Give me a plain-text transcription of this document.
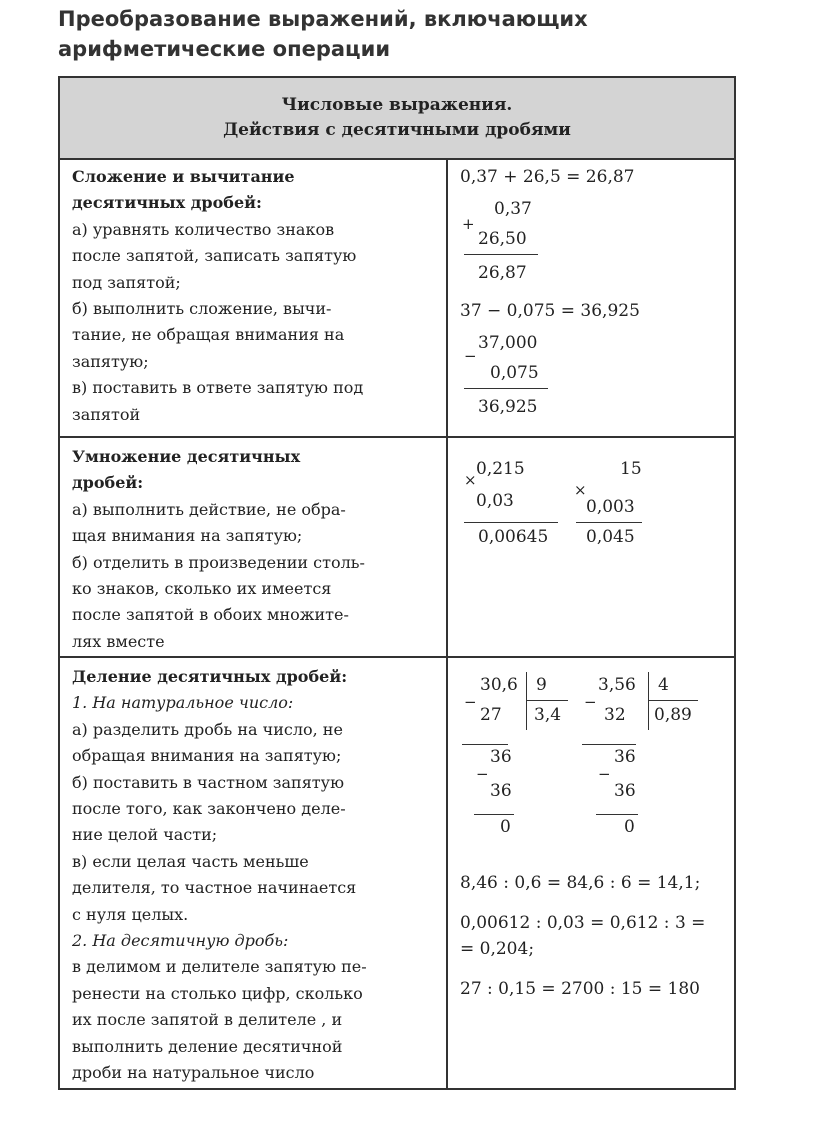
Преобразование выражений, включающих
арифметические операции
Числовые выражения.
Действия с десятичными дробями
Сложение и вычитание
десятичных дробей:
а) уравнять количество знаков
после запятой, записать запятую
под запятой;
б) выполнить сложение, вычи-
тание, не обращая внимания на
запятую;
в) поставить в ответе запятую под
запятой
0,37 + 26,5 = 26,87
+
0,37
26,50
26,87
37 − 0,075 = 36,925
−
37,000
0,075
36,925
Умножение десятичных
дробей:
а) выполнить действие, не обра-
щая внимания на запятую;
б) отделить в произведении столь-
ко знаков, сколько их имеется
после запятой в обоих множите-
лях вместе
×
0,215
0,03
0,00645
×
15
0,003
0,045
Деление десятичных дробей:
1. На натуральное число:
а) разделить дробь на число, не
обращая внимания на запятую;
б) поставить в частном запятую
после того, как закончено деле-
ние целой части;
в) если целая часть меньше
делителя, то частное начинается
с нуля целых.
2. На десятичную дробь:
в делимом и делителе запятую пе-
ренести на столько цифр, сколько
их после запятой в делителе , и
выполнить деление десятичной
дроби на натуральное число
−
30,6 9
3,4
27
36
−
36
0
−
3,56 4
0,89
32
36
−
36
0
8,46 : 0,6 = 84,6 : 6 = 14,1;
0,00612 : 0,03 = 0,612 : 3 =
= 0,204;
27 : 0,15 = 2700 : 15 = 180
